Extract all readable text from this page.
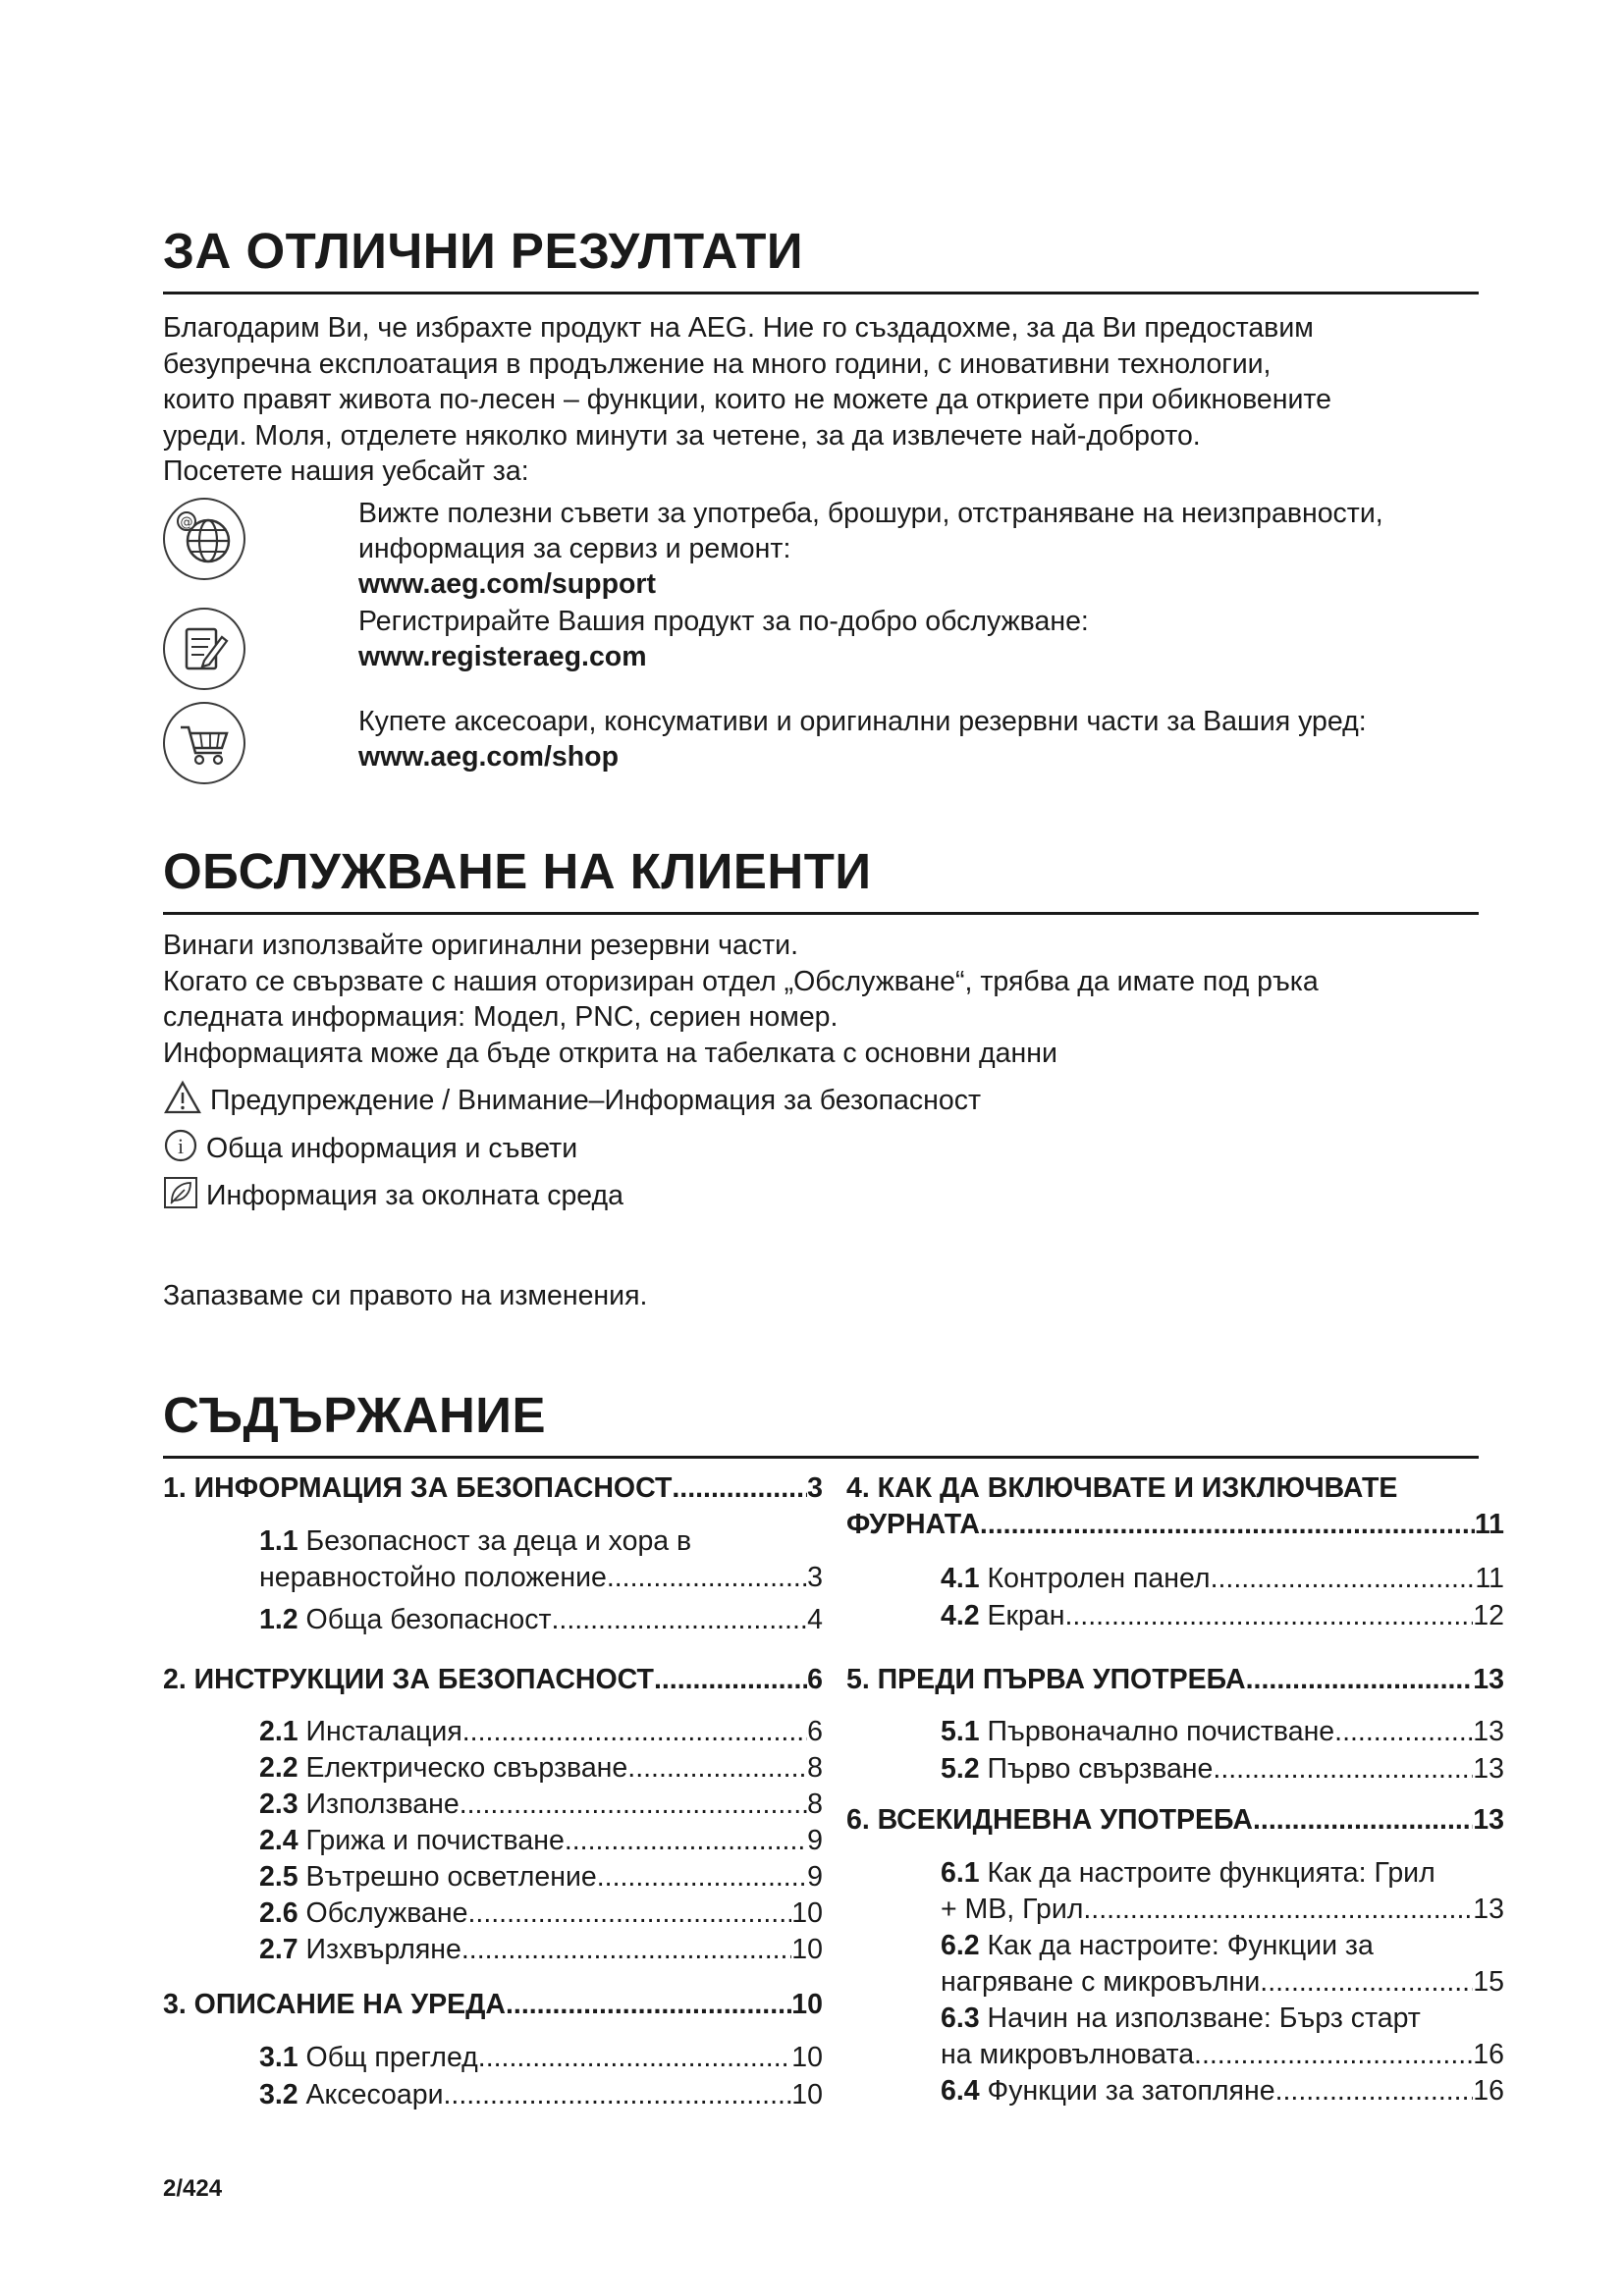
ЗА ОТЛИЧНИ РЕЗУЛТАТИ
Благодарим Ви, че избрахте продукт на AEG. Ние го създадохме, за да Ви предоставим
безупречна експлоатация в продължение на много години, с иновативни технологии,
които правят живота по-лесен – функции, които не можете да откриете при обикновените
уреди. Моля, отделете няколко минути за четене, за да извлечете най-доброто.
Посетете нашия уебсайт за:
@	Вижте полезни съвети за употреба, брошури, отстраняване на неизправности,
информация за сервиз и ремонт:
www.aeg.com/support
Регистрирайте Вашия продукт за по-добро обслужване:
www.registeraeg.com
Купете аксесоари, консумативи и оригинални резервни части за Вашия уред:
www.aeg.com/shop
ОБСЛУЖВАНЕ НА КЛИЕНТИ
Винаги използвайте оригинални резервни части.
Когато се свързвате с нашия оторизиран отдел „Обслужване“, трябва да имате под ръка
следната информация: Модел, PNC, сериен номер.
Информацията може да бъде открита на табелката с основни данни
Предупреждение / Внимание–Информация за безопасност
i Обща информация и съвети
Информация за околната среда
Запазваме си правото на изменения.
СЪДЪРЖАНИЕ
1. ИНФОРМАЦИЯ ЗА БЕЗОПАСНОСТ .....	3
1.1 Безопасност за деца и хора в
неравностойно положение .....	3
1.2 Обща безопасност .....	4
2. ИНСТРУКЦИИ ЗА БЕЗОПАСНОСТ .....	6
2.1 Инсталация .....	6
2.2 Електрическо свързване .....	8
2.3 Използване .....	8
2.4 Грижа и почистване .....	9
2.5 Вътрешно осветление .....	9
2.6 Обслужване .....	10
2.7 Изхвърляне .....	10
3. ОПИСАНИЕ НА УРЕДА .....	10
3.1 Общ преглед .....	10
3.2 Аксесоари .....	10
4. КАК ДА ВКЛЮЧВАТЕ И ИЗКЛЮЧВАТЕ
ФУРНАТА .....	11
4.1 Контролен панел .....	11
4.2 Екран .....	12
5. ПРЕДИ ПЪРВА УПОТРЕБА .....	13
5.1 Първоначално почистване .....	13
5.2 Първо свързване .....	13
6. ВСЕКИДНЕВНА УПОТРЕБА .....	13
6.1 Как да настроите функцията: Грил
+ МВ, Грил .....	13
6.2 Как да настроите: Функции за
нагряване с микровълни .....	15
6.3 Начин на използване: Бърз старт
на микровълновата .....	16
6.4 Функции за затопляне .....	16
2/424
